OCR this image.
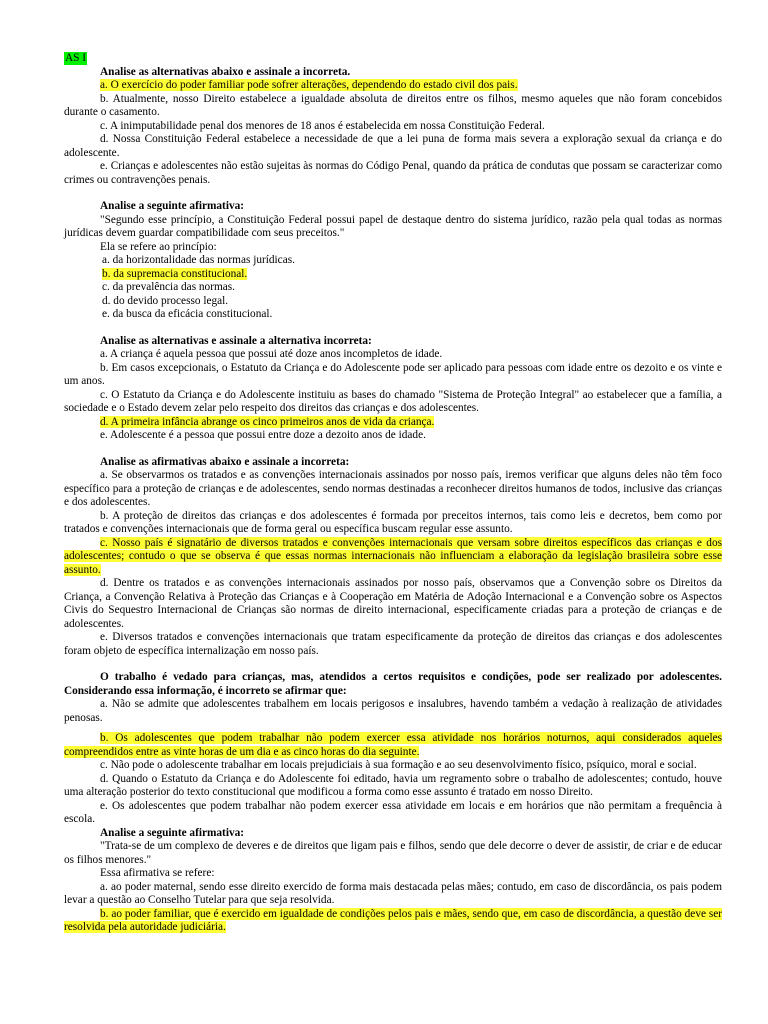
AS I
Analise as alternativas abaixo e assinale a incorreta.
a. O exercício do poder familiar pode sofrer alterações, dependendo do estado civil dos pais.
b. Atualmente, nosso Direito estabelece a igualdade absoluta de direitos entre os filhos, mesmo aqueles que não foram concebidos durante o casamento.
c. A inimputabilidade penal dos menores de 18 anos é estabelecida em nossa Constituição Federal.
d. Nossa Constituição Federal estabelece a necessidade de que a lei puna de forma mais severa a exploração sexual da criança e do adolescente.
e. Crianças e adolescentes não estão sujeitas às normas do Código Penal, quando da prática de condutas que possam se caracterizar como crimes ou contravenções penais.
Analise a seguinte afirmativa:
"Segundo esse princípio, a Constituição Federal possui papel de destaque dentro do sistema jurídico, razão pela qual todas as normas jurídicas devem guardar compatibilidade com seus preceitos."
Ela se refere ao princípio:
a. da horizontalidade das normas jurídicas.
b. da supremacia constitucional.
c. da prevalência das normas.
d. do devido processo legal.
e. da busca da eficácia constitucional.
Analise as alternativas e assinale a alternativa incorreta:
a. A criança é aquela pessoa que possui até doze anos incompletos de idade.
b. Em casos excepcionais, o Estatuto da Criança e do Adolescente pode ser aplicado para pessoas com idade entre os dezoito e os vinte e um anos.
c. O Estatuto da Criança e do Adolescente instituiu as bases do chamado "Sistema de Proteção Integral" ao estabelecer que a família, a sociedade e o Estado devem zelar pelo respeito dos direitos das crianças e dos adolescentes.
d. A primeira infância abrange os cinco primeiros anos de vida da criança.
e. Adolescente é a pessoa que possui entre doze a dezoito anos de idade.
Analise as afirmativas abaixo e assinale a incorreta:
a. Se observarmos os tratados e as convenções internacionais assinados por nosso país, iremos verificar que alguns deles não têm foco específico para a proteção de crianças e de adolescentes, sendo normas destinadas a reconhecer direitos humanos de todos, inclusive das crianças e dos adolescentes.
b. A proteção de direitos das crianças e dos adolescentes é formada por preceitos internos, tais como leis e decretos, bem como por tratados e convenções internacionais que de forma geral ou específica buscam regular esse assunto.
c. Nosso país é signatário de diversos tratados e convenções internacionais que versam sobre direitos específicos das crianças e dos adolescentes; contudo o que se observa é que essas normas internacionais não influenciam a elaboração da legislação brasileira sobre esse assunto.
d. Dentre os tratados e as convenções internacionais assinados por nosso país, observamos que a Convenção sobre os Direitos da Criança, a Convenção Relativa à Proteção das Crianças e à Cooperação em Matéria de Adoção Internacional e a Convenção sobre os Aspectos Civis do Sequestro Internacional de Crianças são normas de direito internacional, especificamente criadas para a proteção de crianças e de adolescentes.
e. Diversos tratados e convenções internacionais que tratam especificamente da proteção de direitos das crianças e dos adolescentes foram objeto de específica internalização em nosso país.
O trabalho é vedado para crianças, mas, atendidos a certos requisitos e condições, pode ser realizado por adolescentes. Considerando essa informação, é incorreto se afirmar que:
a. Não se admite que adolescentes trabalhem em locais perigosos e insalubres, havendo também a vedação à realização de atividades penosas.
b. Os adolescentes que podem trabalhar não podem exercer essa atividade nos horários noturnos, aqui considerados aqueles compreendidos entre as vinte horas de um dia e as cinco horas do dia seguinte.
c. Não pode o adolescente trabalhar em locais prejudiciais à sua formação e ao seu desenvolvimento físico, psíquico, moral e social.
d. Quando o Estatuto da Criança e do Adolescente foi editado, havia um regramento sobre o trabalho de adolescentes; contudo, houve uma alteração posterior do texto constitucional que modificou a forma como esse assunto é tratado em nosso Direito.
e. Os adolescentes que podem trabalhar não podem exercer essa atividade em locais e em horários que não permitam a frequência à escola.
Analise a seguinte afirmativa:
"Trata-se de um complexo de deveres e de direitos que ligam pais e filhos, sendo que dele decorre o dever de assistir, de criar e de educar os filhos menores."
Essa afirmativa se refere:
a. ao poder maternal, sendo esse direito exercido de forma mais destacada pelas mães; contudo, em caso de discordância, os pais podem levar a questão ao Conselho Tutelar para que seja resolvida.
b. ao poder familiar, que é exercido em igualdade de condições pelos pais e mães, sendo que, em caso de discordância, a questão deve ser resolvida pela autoridade judiciária.
